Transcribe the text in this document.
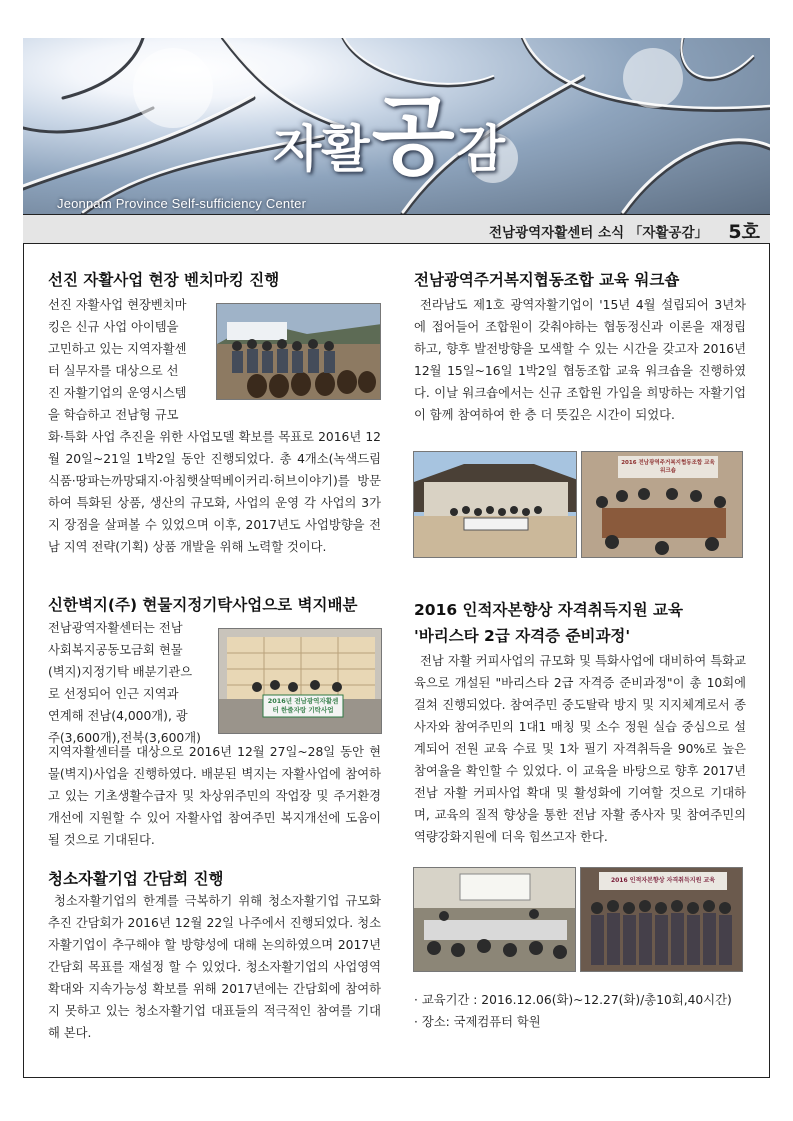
자활 공 감
Jeonnam Province Self-sufficiency Center
전남광역자활센터 소식 「자활공감」 5호
선진 자활사업 현장 벤치마킹 진행
선진 자활사업 현장벤치마
킹은 신규 사업 아이템을
고민하고 있는 지역자활센
터 실무자를 대상으로 선
진 자활기업의 운영시스템
을 학습하고 전남형 규모

화·특화 사업 추진을 위한 사업모델 확보를 목표로 2016년 12월 20일~21일 1박2일 동안 진행되었다. 총 4개소(녹색드림식품·땅파는까망돼지·아침햇살떡베이커리·허브이야기)를 방문하여 특화된 상품, 생산의 규모화, 사업의 운영 각 사업의 3가지 장점을 살펴볼 수 있었으며 이후, 2017년도 사업방향을 전남 지역 전략(기획) 상품 개발을 위해 노력할 것이다.

신한벽지(주) 현물지정기탁사업으로 벽지배분
전남광역자활센터는 전남
사회복지공동모금회 현물
(벽지)지정기탁 배분기관으
로 선정되어 인근 지역과
연계해 전남(4,000개), 광
주(3,600개),전북(3,600개)
2016년 전남광역자활센터 한줄자랑 기탁사업

지역자활센터를 대상으로 2016년 12월 27일~28일 동안 현물(벽지)사업을 진행하였다. 배분된 벽지는 자활사업에 참여하고 있는 기초생활수급자 및 차상위주민의 작업장 및 주거환경개선에 지원할 수 있어 자활사업 참여주민 복지개선에 도움이 될 것으로 기대된다.

청소자활기업 간담회 진행

청소자활기업의 한계를 극복하기 위해 청소자활기업 규모화 추진 간담회가 2016년 12월 22일 나주에서 진행되었다. 청소자활기업이 추구해야 할 방향성에 대해 논의하였으며 2017년 간담회 목표를 재설정 할 수 있었다. 청소자활기업의 사업영역 확대와 지속가능성 확보를 위해 2017년에는 간담회에 참여하지 못하고 있는 청소자활기업 대표들의 적극적인 참여를 기대해 본다.

전남광역주거복지협동조합 교육 워크숍

전라남도 제1호 광역자활기업이 '15년 4월 설립되어 3년차에 접어들어 조합원이 갖춰야하는 협동정신과 이론을 재정립하고, 향후 발전방향을 모색할 수 있는 시간을 갖고자 2016년 12월 15일~16일 1박2일 협동조합 교육 워크숍을 진행하였다. 이날 워크숍에서는 신규 조합원 가입을 희망하는 자활기업이 함께 참여하여 한 층 더 뜻깊은 시간이 되었다.

2016 전남광역주거복지협동조합 교육 워크숍
2016 인적자본향상 자격취득지원 교육
'바리스타 2급 자격증 준비과정'

전남 자활 커피사업의 규모화 및 특화사업에 대비하여 특화교육으로 개설된 "바리스타 2급 자격증 준비과정"이 총 10회에 걸쳐 진행되었다. 참여주민 중도탈락 방지 및 지지체계로서 종사자와 참여주민의 1대1 매칭 및 소수 정원 실습 중심으로 설계되어 전원 교육 수료 및 1차 필기 자격취득을 90%로 높은 참여율을 확인할 수 있었다. 이 교육을 바탕으로 향후 2017년 전남 자활 커피사업 확대 및 활성화에 기여할 것으로 기대하며, 교육의 질적 향상을 통한 전남 자활 종사자 및 참여주민의 역량강화지원에 더욱 힘쓰고자 한다.

2016 인적자본향상 자격취득지원 교육
· 교육기간 : 2016.12.06(화)~12.27(화)/총10회,40시간)
· 장소: 국제컴퓨터 학원
